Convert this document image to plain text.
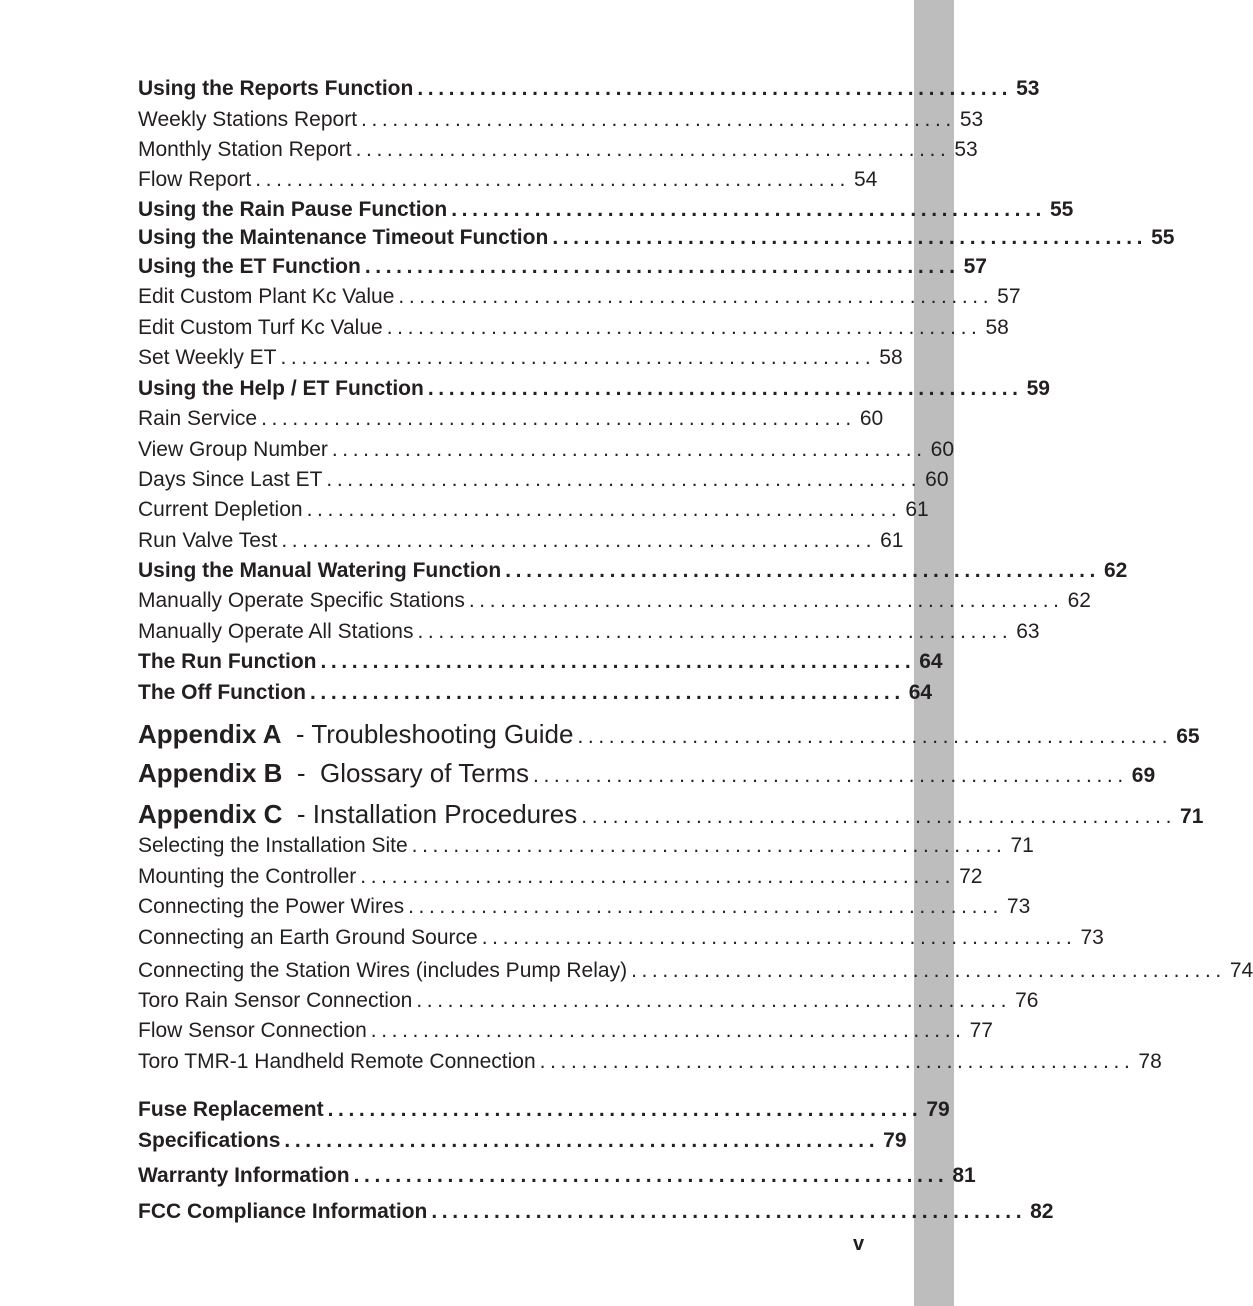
Using the Reports Function ......................................................... 53
Weekly Stations Report ......................................................... 53
Monthly Station Report ......................................................... 53
Flow Report ......................................................... 54
Using the Rain Pause Function ......................................................... 55
Using the Maintenance Timeout Function ......................................................... 55
Using the ET Function ......................................................... 57
Edit Custom Plant Kc Value ......................................................... 57
Edit Custom Turf Kc Value ......................................................... 58
Set Weekly ET ......................................................... 58
Using the Help / ET Function ......................................................... 59
Rain Service ......................................................... 60
View Group Number ......................................................... 60
Days Since Last ET ......................................................... 60
Current Depletion ......................................................... 61
Run Valve Test ......................................................... 61
Using the Manual Watering Function ......................................................... 62
Manually Operate Specific Stations ......................................................... 62
Manually Operate All Stations ......................................................... 63
The Run Function ......................................................... 64
The Off Function ......................................................... 64
Appendix A  - Troubleshooting Guide ......................................................... 65
Appendix B  -  Glossary of Terms ......................................................... 69
Appendix C  - Installation Procedures ......................................................... 71
Selecting the Installation Site ......................................................... 71
Mounting the Controller ......................................................... 72
Connecting the Power Wires ......................................................... 73
Connecting an Earth Ground Source ......................................................... 73
Connecting the Station Wires (includes Pump Relay) ......................................................... 74
Toro Rain Sensor Connection ......................................................... 76
Flow Sensor Connection ......................................................... 77
Toro TMR-1 Handheld Remote Connection ......................................................... 78
Fuse Replacement ......................................................... 79
Specifications ......................................................... 79
Warranty Information ......................................................... 81
FCC Compliance Information ......................................................... 82
v
